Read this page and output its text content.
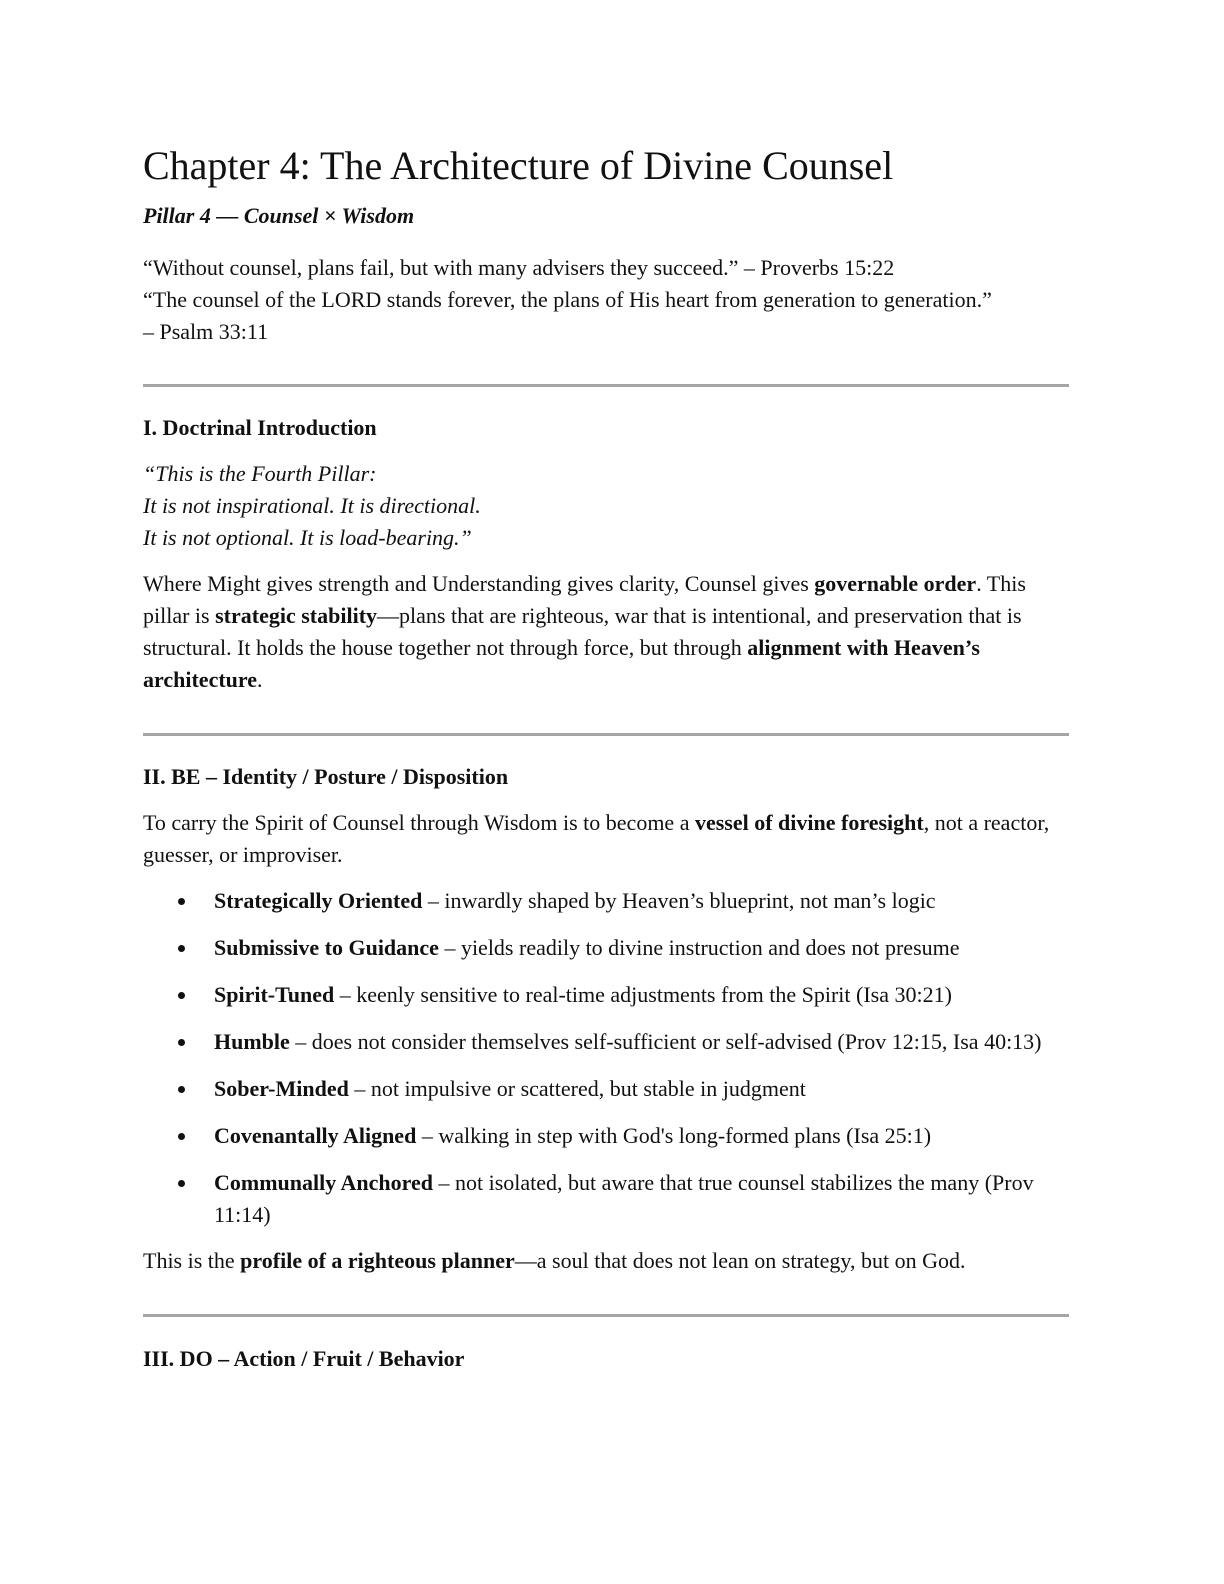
Chapter 4: The Architecture of Divine Counsel
Pillar 4 — Counsel × Wisdom

“Without counsel, plans fail, but with many advisers they succeed.” – Proverbs 15:22

“The counsel of the LORD stands forever, the plans of His heart from generation to generation.”

– Psalm 33:11

I. Doctrinal Introduction
“This is the Fourth Pillar:
It is not inspirational. It is directional.
It is not optional. It is load-bearing.”

Where Might gives strength and Understanding gives clarity, Counsel gives governable order. This pillar is strategic stability—plans that are righteous, war that is intentional, and preservation that is structural. It holds the house together not through force, but through alignment with Heaven’s architecture.

II. BE – Identity / Posture / Disposition

To carry the Spirit of Counsel through Wisdom is to become a vessel of divine foresight, not a reactor, guesser, or improviser.

Strategically Oriented – inwardly shaped by Heaven’s blueprint, not man’s logic
Submissive to Guidance – yields readily to divine instruction and does not presume
Spirit-Tuned – keenly sensitive to real-time adjustments from the Spirit (Isa 30:21)
Humble – does not consider themselves self-sufficient or self-advised (Prov 12:15, Isa 40:13)
Sober-Minded – not impulsive or scattered, but stable in judgment
Covenantally Aligned – walking in step with God's long-formed plans (Isa 25:1)
Communally Anchored – not isolated, but aware that true counsel stabilizes the many (Prov 11:14)

This is the profile of a righteous planner—a soul that does not lean on strategy, but on God.

III. DO – Action / Fruit / Behavior
